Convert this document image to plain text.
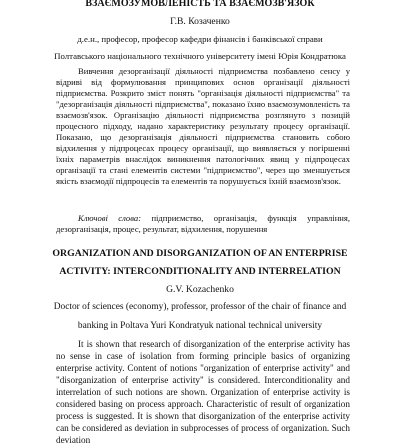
ВЗАЄМОЗУМОВЛЕНІСТЬ ТА ВЗАЄМОЗВ'ЯЗОК
Г.В. Козаченко
д.е.н., професор, професор кафедри фінансів і банківської справи
Полтавського національного технічного університету імені Юрія Кондратюка

Вивчення дезорганізації діяльності підприємства позбавлено сенсу у відриві від формулювання принципових основ організації діяльності підприємства. Розкрито зміст понять "організація діяльності підприємства" та "дезорганізація діяльності підприємства", показано їхню взаємозумовленість та взаємозв'язок. Організацію діяльності підприємства розглянуто з позицій процесного підходу, надано характеристику результату процесу організації. Показано, що дезорганізація діяльності підприємства становить собою відхилення у підпроцесах процесу організації, що виявляється у погіршенні їхніх параметрів внаслідок виникнення патологічних явищ у підпроцесах організації та стані елементів системи "підприємство", через що зменшується якість взаємодії підпроцесів та елементів та порушується їхній взаємозв'язок.

Ключові слова: підприємство, організація, функція управління, дезорганізація, процес, результат, відхилення, порушення

ORGANIZATION AND DISORGANIZATION OF AN ENTERPRISE
ACTIVITY: INTERCONDITIONALITY AND INTERRELATION
G.V. Kozachenko
Doctor of sciences (economy), professor, professor of the chair of finance and
banking in Poltava Yuri Kondratyuk national technical university

It is shown that research of disorganization of the enterprise activity has no sense in case of isolation from forming principle basics of organizing enterprise activity. Content of notions "organization of enterprise activity" and "disorganization of enterprise activity" is considered. Interconditionality and interrelation of such notions are shown. Organization of enterprise activity is considered basing on process approach. Characteristic of result of organization process is suggested. It is shown that disorganization of the enterprise activity can be considered as deviation in subprocesses of process of organization. Such deviation
